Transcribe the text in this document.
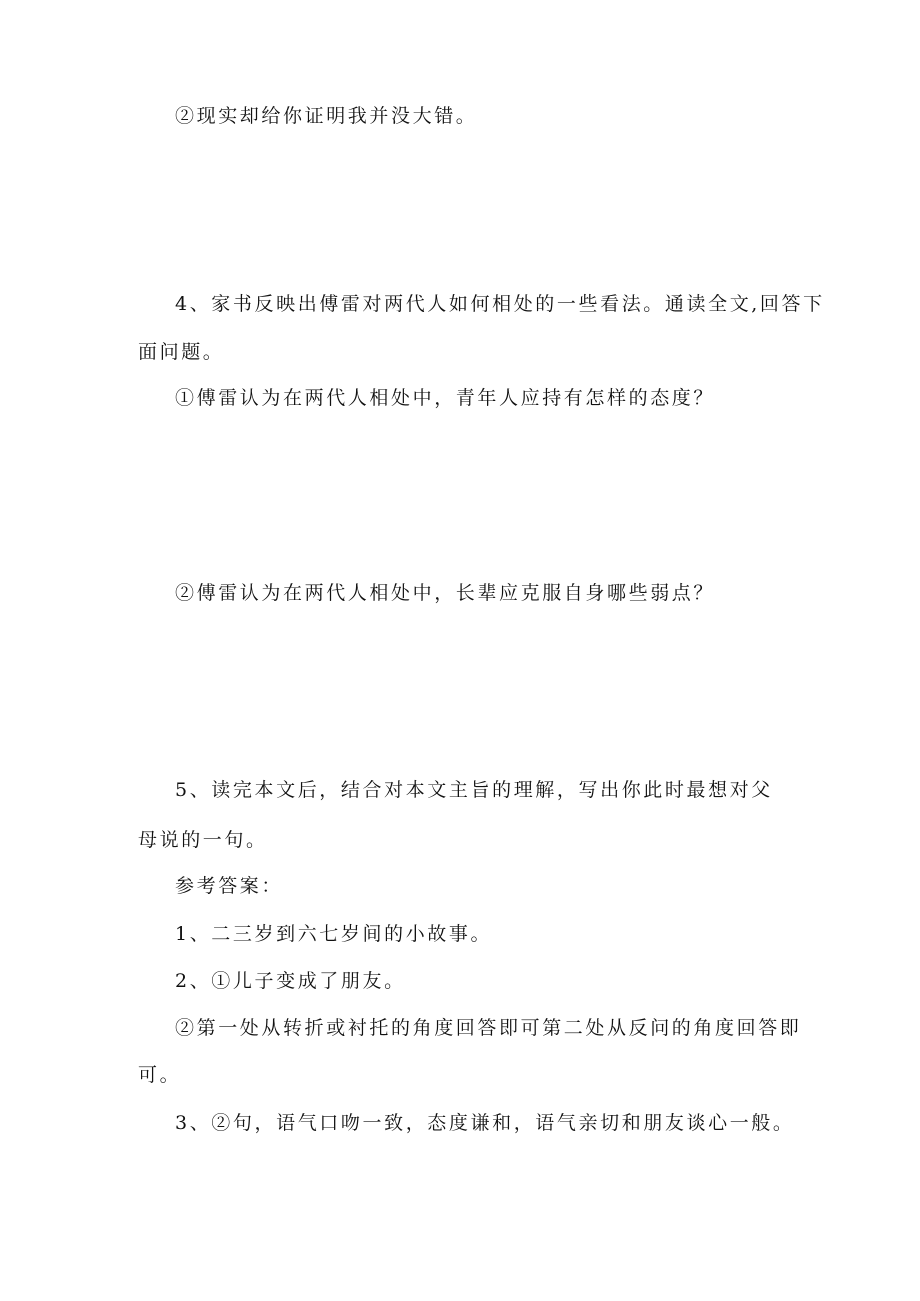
②现实却给你证明我并没大错。

4、家书反映出傅雷对两代人如何相处的一些看法。通读全文,回答下

面问题。

①傅雷认为在两代人相处中，青年人应持有怎样的态度？

②傅雷认为在两代人相处中，长辈应克服自身哪些弱点？

5、读完本文后，结合对本文主旨的理解，写出你此时最想对父

母说的一句。

参考答案：

1、二三岁到六七岁间的小故事。

2、①儿子变成了朋友。

②第一处从转折或衬托的角度回答即可第二处从反问的角度回答即

可。

3、②句，语气口吻一致，态度谦和，语气亲切和朋友谈心一般。
